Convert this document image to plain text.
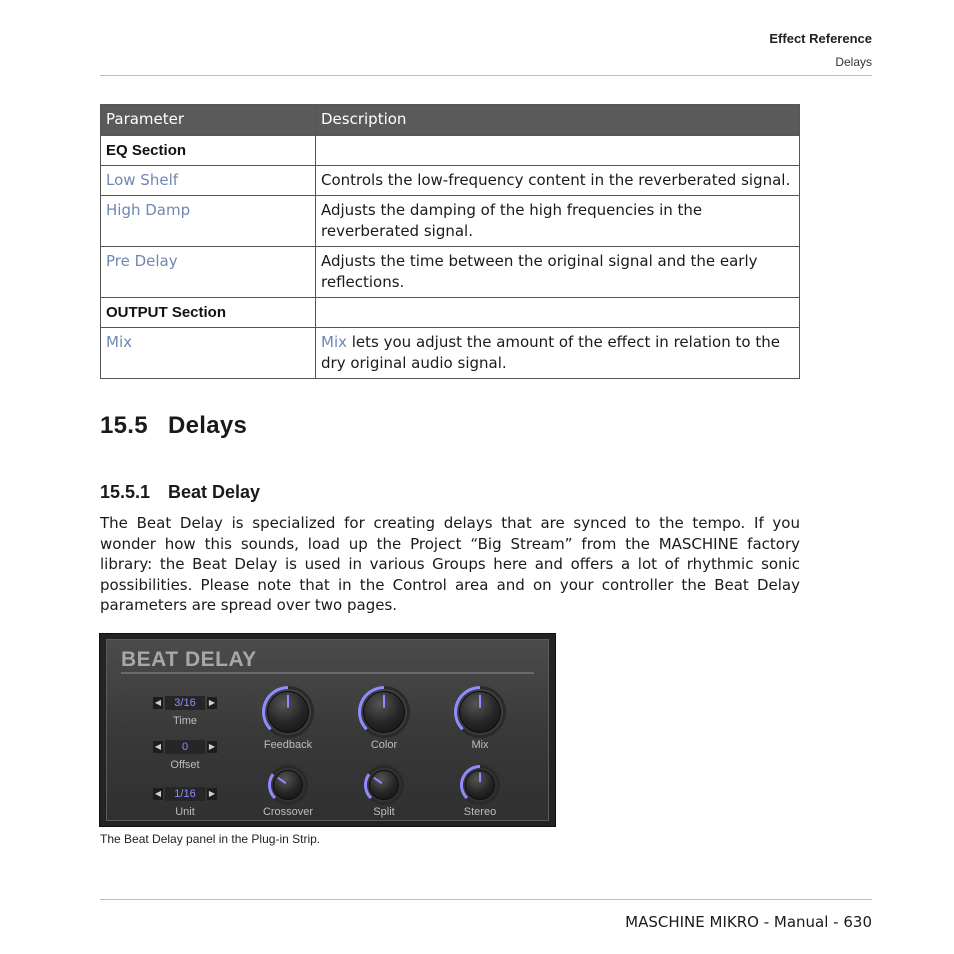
Effect Reference
Delays
Parameter	Description
EQ Section	
Low Shelf	Controls the low-frequency content in the reverberated signal.
High Damp	Adjusts the damping of the high frequencies in the reverberated signal.
Pre Delay	Adjusts the time between the original signal and the early reflections.
OUTPUT Section	
Mix	Mix lets you adjust the amount of the effect in relation to the dry original audio signal.
15.5 Delays
15.5.1 Beat Delay
The Beat Delay is specialized for creating delays that are synced to the tempo. If you wonder how this sounds, load up the Project “Big Stream” from the MASCHINE factory library: the Beat Delay is used in various Groups here and offers a lot of rhythmic sonic possibilities. Please note that in the Control area and on your controller the Beat Delay parameters are spread over two pages.
BEAT DELAY
◀	3/16	▶
Time
◀	0	▶
Offset
◀	1/16	▶
Unit
Feedback	Color	Mix
Crossover	Split	Stereo
The Beat Delay panel in the Plug-in Strip.
MASCHINE MIKRO - Manual - 630
